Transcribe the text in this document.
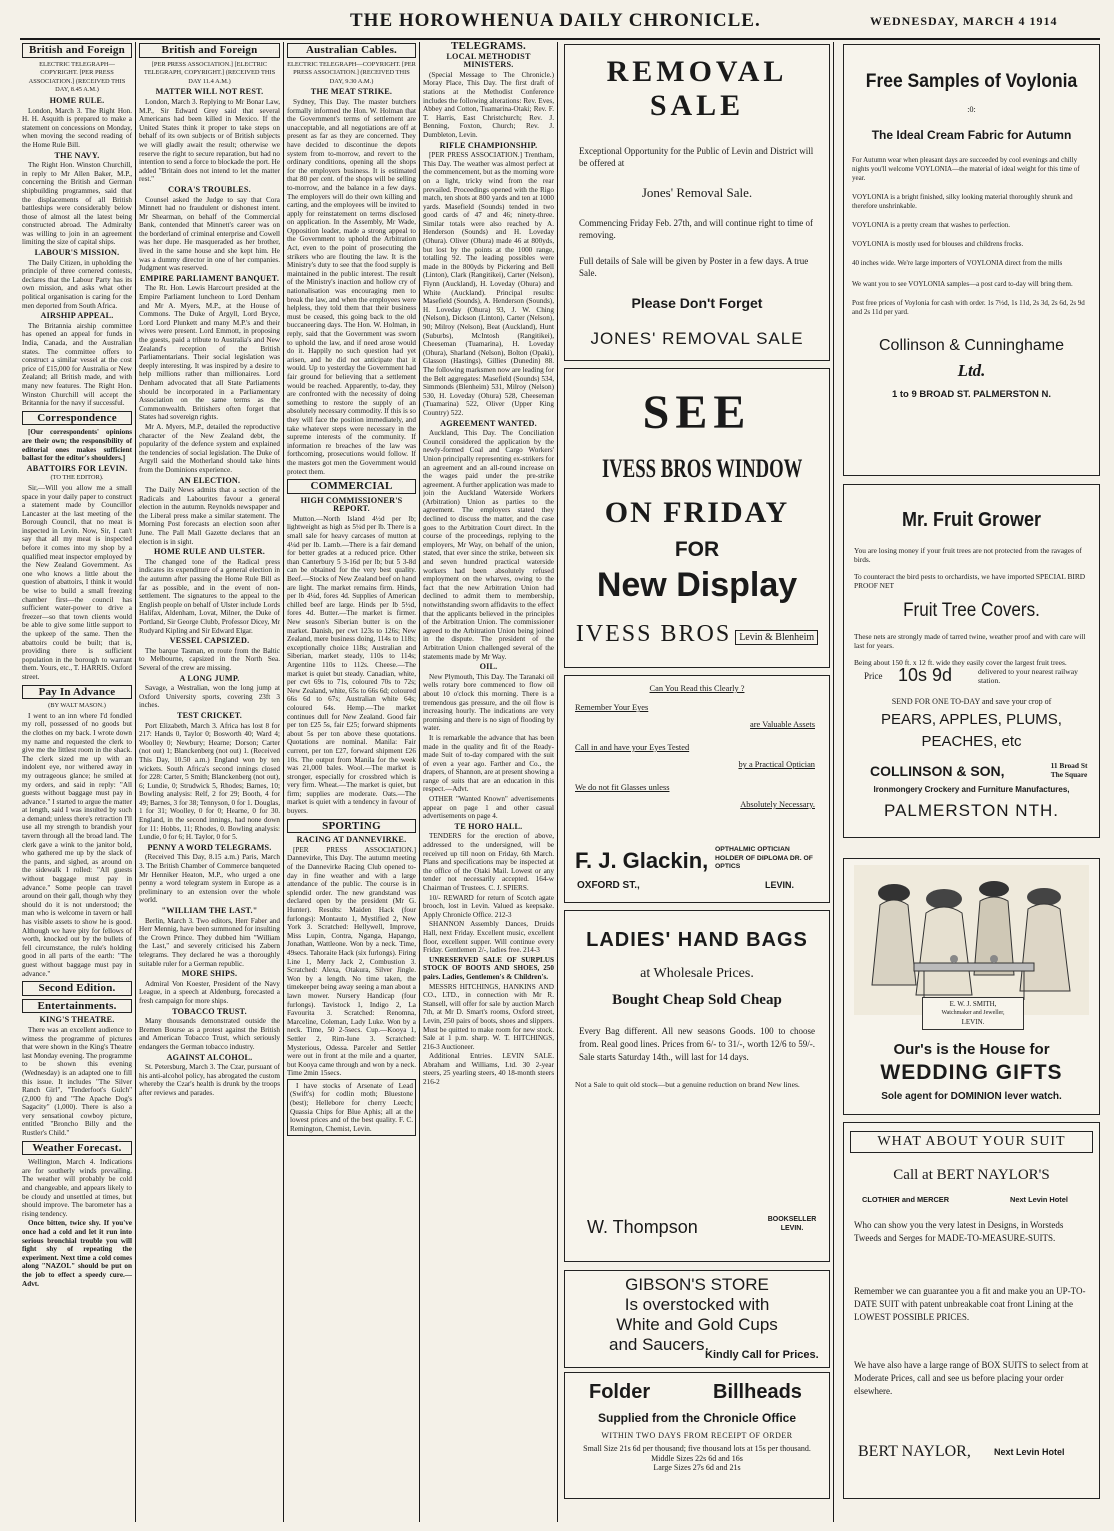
THE HOROWHENUA DAILY CHRONICLE.	WEDNESDAY, MARCH 4 1914
British and Foreign
ELECTRIC TELEGRAPH—COPYRIGHT. [PER PRESS ASSOCIATION.] (RECEIVED THIS DAY, 8.45 A.M.)
HOME RULE.

London, March 3. The Right Hon. H. H. Asquith is prepared to make a statement on concessions on Monday, when moving the second reading of the Home Rule Bill.

THE NAVY.

The Right Hon. Winston Churchill, in reply to Mr Allen Baker, M.P., concerning the British and German shipbuilding programmes, said that the displacements of all British battleships were considerably below those of almost all the latest being constructed abroad. The Admiralty was willing to join in an agreement limiting the size of capital ships.

LABOUR'S MISSION.

The Daily Citizen, in upholding the principle of three cornered contests, declares that the Labour Party has its own mission, and asks what other political organisation is caring for the men deported from South Africa.

AIRSHIP APPEAL.

The Britannia airship committee has opened an appeal for funds in India, Canada, and the Australian states. The committee offers to construct a similar vessel at the cost price of £15,000 for Australia or New Zealand; all British made, and with many new features. The Right Hon. Winston Churchill will accept the Britannia for the navy if successful.

Correspondence

[Our correspondents' opinions are their own; the responsibility of editorial ones makes sufficient ballast for the editor's shoulders.]

ABATTOIRS FOR LEVIN.
(TO THE EDITOR).

Sir,—Will you allow me a small space in your daily paper to construct a statement made by Councillor Lancaster at the last meeting of the Borough Council, that no meat is inspected in Levin. Now, Sir, I can't say that all my meat is inspected before it comes into my shop by a qualified meat inspector employed by the New Zealand Government. As one who knows a little about the question of abattoirs, I think it would be wise to build a small freezing chamber first—the council has sufficient water-power to drive a freezer—so that town clients would be able to give some little support to the upkeep of the same. Then the abattoirs could be built; that is, providing there is sufficient population in the borough to warrant them. Yours, etc., T. HARRIS. Oxford street.

Pay In Advance
(BY WALT MASON.)

I went to an inn where I'd fondled my roll, possessed of no goods but the clothes on my back. I wrote down my name and requested the clerk to give me the littlest room in the shack. The clerk sized me up with an indolent eye, nor withered away in my outrageous glance; he smiled at my orders, and said in reply: "All guests without baggage must pay in advance." I started to argue the matter at length, said I was insulted by such a demand; unless there's retraction I'll use all my strength to brandish your tavern through all the broad land. The clerk gave a wink to the janitor bold, who gathered me up by the slack of the pants, and sighed, as around on the sidewalk I rolled: "All guests without baggage must pay in advance." Some people can travel around on their gall, though why they should do it is not understood; the man who is welcome in tavern or hall has visible assets to show he is good. Although we have pity for fellows of worth, knocked out by the bullets of fell circumstance, the rule's holding good in all parts of the earth: "The guest without baggage must pay in advance."

Second Edition.
Entertainments.
KING'S THEATRE.

There was an excellent audience to witness the programme of pictures that were shown in the King's Theatre last Monday evening. The programme to be shown this evening (Wednesday) is an adapted one to fill this issue. It includes "The Silver Ranch Girl", "Tenderfoot's Gulch" (2,000 ft) and "The Apache Dog's Sagacity" (1,000). There is also a very sensational cowboy picture, entitled "Broncho Billy and the Rustler's Child."

Weather Forecast.

Wellington, March 4. Indications are for southerly winds prevailing. The weather will probably be cold and changeable, and appears likely to be cloudy and unsettled at times, but should improve. The barometer has a rising tendency.

Once bitten, twice shy. If you've once had a cold and let it run into serious bronchial trouble you will fight shy of repeating the experiment. Next time a cold comes along "NAZOL" should be put on the job to effect a speedy cure.—Advt.

British and Foreign
[PER PRESS ASSOCIATION.] [ELECTRIC TELEGRAPH, COPYRIGHT.] (RECEIVED THIS DAY 11.4 A.M.)
MATTER WILL NOT REST.

London, March 3. Replying to Mr Bonar Law, M.P., Sir Edward Grey said that several Americans had been killed in Mexico. If the United States think it proper to take steps on behalf of its own subjects or of British subjects we will gladly await the result; otherwise we reserve the right to secure reparation, but had no intention to send a force to blockade the port. He added "Britain does not intend to let the matter rest."

CORA'S TROUBLES.

Counsel asked the Judge to say that Cora Minnett had no fraudulent or dishonest intent. Mr Shearman, on behalf of the Commercial Bank, contended that Minnett's career was on the borderland of criminal enterprise and Cowell was her dupe. He masqueraded as her brother, lived in the same house and she kept him. He was a dummy director in one of her companies. Judgment was reserved.

EMPIRE PARLIAMENT BANQUET.

The Rt. Hon. Lewis Harcourt presided at the Empire Parliament luncheon to Lord Denham and Mr A. Myers, M.P., at the House of Commons. The Duke of Argyll, Lord Bryce, Lord Lord Plunkett and many M.P.'s and their wives were present. Lord Emmott, in proposing the guests, paid a tribute to Australia's and New Zealand's reception of the British Parliamentarians. Their social legislation was deeply interesting. It was inspired by a desire to help millions rather than millionaires. Lord Denham advocated that all State Parliaments should be incorporated in a Parliamentary Association on the same terms as the Commonwealth. Britishers often forget that States had sovereign rights.

Mr A. Myers, M.P., detailed the reproductive character of the New Zealand debt, the popularity of the defence system and explained the tendencies of social legislation. The Duke of Argyll said the Motherland should take hints from the Dominions experience.

AN ELECTION.

The Daily News admits that a section of the Radicals and Labourites favour a general election in the autumn. Reynolds newspaper and the Liberal press make a similar statement. The Morning Post forecasts an election soon after June. The Pall Mall Gazette declares that an election is in sight.

HOME RULE AND ULSTER.

The changed tone of the Radical press indicates its expenditure of a general election in the autumn after passing the Home Rule Bill as far as possible, and in the event of non-settlement. The signatures to the appeal to the English people on behalf of Ulster include Lords Halifax, Aldenham, Lovat, Milner, the Duke of Portland, Sir George Clubb, Professor Dicey, Mr Rudyard Kipling and Sir Edward Elgar.

VESSEL CAPSIZED.

The barque Tasman, en route from the Baltic to Melbourne, capsized in the North Sea. Several of the crew are missing.

A LONG JUMP.

Savage, a Westralian, won the long jump at Oxford University sports, covering 23ft 3 inches.

TEST CRICKET.

Port Elizabeth, March 3. Africa has lost 8 for 217: Hands 0, Taylor 0; Bosworth 40; Ward 4; Woolley 0; Newbury; Hearne; Dorson; Carter (not out) 1; Blanckenberg (not out) 1. (Received This Day, 10.50 a.m.) England won by ten wickets. South Africa's second innings closed for 228: Carter, 5 Smith; Blanckenberg (not out), 6; Lundie, 0; Strudwick 5, Rhodes; Barnes, 10; Bowling analysis: Relf, 2 for 29; Booth, 4 for 49; Barnes, 3 for 38; Tennyson, 0 for 1. Douglas, 1 for 31; Woolley, 0 for 0; Hearne, 0 for 30. England, in the second innings, had none down for 11: Hobbs, 11; Rhodes, 0. Bowling analysis: Lundie, 0 for 6; H. Taylor, 0 for 5.

PENNY A WORD TELEGRAMS.

(Received This Day, 8.15 a.m.) Paris, March 3. The British Chamber of Commerce banqueted Mr Henniker Heaton, M.P., who urged a one penny a word telegram system in Europe as a preliminary to an extension over the whole world.

"WILLIAM THE LAST."

Berlin, March 3. Two editors, Herr Faber and Herr Mennig, have been summoned for insulting the Crown Prince. They dubbed him "William the Last," and severely criticised his Zabern telegrams. They declared he was a thoroughly suitable ruler for a German republic.

MORE SHIPS.

Admiral Von Koester, President of the Navy League, in a speech at Aldenburg, forecasted a fresh campaign for more ships.

TOBACCO TRUST.

Many thousands demonstrated outside the Bremen Bourse as a protest against the British and American Tobacco Trust, which seriously endangers the German tobacco industry.

AGAINST ALCOHOL.

St. Petersburg, March 3. The Czar, pursuant of his anti-alcohol policy, has abrogated the custom whereby the Czar's health is drunk by the troops after reviews and parades.

Australian Cables.
ELECTRIC TELEGRAPH—COPYRIGHT. [PER PRESS ASSOCIATION.] (RECEIVED THIS DAY, 9.30 A.M.)
THE MEAT STRIKE.

Sydney, This Day. The master butchers formally informed the Hon. W. Holman that the Government's terms of settlement are unacceptable, and all negotiations are off at present as far as they are concerned. They have decided to discontinue the depots system from to-morrow, and revert to the ordinary conditions, opening all the shops for the employers business. It is estimated that 80 per cent. of the shops will be selling to-morrow, and the balance in a few days. The employers will do their own killing and carting, and the employees will be invited to apply for reinstatement on terms disclosed on application. In the Assembly, Mr Wade, Opposition leader, made a strong appeal to the Government to uphold the Arbitration Act, even to the point of prosecuting the strikers who are flouting the law. It is the Ministry's duty to see that the food supply is maintained in the public interest. The result of the Ministry's inaction and hollow cry of nationalisation was encouraging men to break the law, and when the employees were helpless, they told them that their business must be ceased, this going back to the old buccaneering days. The Hon. W. Holman, in reply, said that the Government was sworn to uphold the law, and if need arose would do it. Happily no such question had yet arisen, and he did not anticipate that it would. Up to yesterday the Government had fair ground for believing that a settlement would be reached. Apparently, to-day, they are confronted with the necessity of doing something to restore the supply of an absolutely necessary commodity. If this is so they will face the position immediately, and take whatever steps were necessary in the supreme interests of the community. If information re breaches of the law was forthcoming, prosecutions would follow. If the masters got men the Government would protect them.

COMMERCIAL
HIGH COMMISSIONER'S REPORT.

Mutton.—North Island 4½d per lb; lightweight as high as 5¼d per lb. There is a small sale for heavy carcases of mutton at 4¼d per lb. Lamb.—There is a fair demand for better grades at a reduced price. Other than Canterbury 5 3-16d per lb; but 5 3-8d can be obtained for the very best quality. Beef.—Stocks of New Zealand beef on hand are light. The market remains firm. Hinds, per lb 4¼d, fores 4d. Supplies of American chilled beef are large. Hinds per lb 5½d, fores 4d. Butter.—The market is firmer. New season's Siberian butter is on the market. Danish, per cwt 123s to 126s; New Zealand, mere business doing, 114s to 118s; exceptionally choice 118s; Australian and Siberian, market steady, 110s to 114s; Argentine 110s to 112s. Cheese.—The market is quiet but steady. Canadian, white, per cwt 69s to 71s, coloured 70s to 72s; New Zealand, white, 65s to 66s 6d; coloured 66s 6d to 67s; Australian white 64s; coloured 64s. Hemp.—The market continues dull for New Zealand. Good fair per ton £25 5s, fair £25; forward shipments about 5s per ton above these quotations. Quotations are nominal. Manila: Fair current, per ton £27, forward shipment £26 10s. The output from Manila for the week was 21,000 bales. Wool.—The market is stronger, especially for crossbred which is very firm. Wheat.—The market is quiet, but firm; supplies are moderate. Oats.—The market is quiet with a tendency in favour of buyers.

SPORTING
RACING AT DANNEVIRKE.

[PER PRESS ASSOCIATION.] Dannevirke, This Day. The autumn meeting of the Dannevirke Racing Club opened to-day in fine weather and with a large attendance of the public. The course is in splendid order. The new grandstand was declared open by the president (Mr G. Hunter). Results: Maiden Hack (four furlongs): Montauto 1, Mystified 2, New York 3. Scratched: Hellywell, Improve, Miss Lupin, Contra, Nganga, Hapango, Jonathan, Wattleone. Won by a neck. Time, 49secs. Tahoraite Hack (six furlongs). Firing Line 1, Merry Jack 2, Combustion 3. Scratched: Alexa, Otakura, Silver Jingle. Won by a length. No time taken, the timekeeper being away seeing a man about a lawn mower. Nursery Handicap (four furlongs). Tavistock 1, Indigo 2, La Favourita 3. Scratched: Renomna, Marceline, Coleman, Lady Luke. Won by a neck. Time, 50 2-5secs. Cup.—Kooya 1, Settler 2, Rim-Iune 3. Scratched: Mysterious, Odessa. Parceler and Settler were out in front at the mile and a quarter, but Kooya came through and won by a neck. Time 2min 15secs.

I have stocks of Arsenate of Lead (Swift's) for codlin moth; Bluestone (best); Hellebore for cherry Leech; Quassia Chips for Blue Aphis; all at the lowest prices and of the best quality. F. C. Remington, Chemist, Levin.

TELEGRAMS.
LOCAL METHODIST MINISTERS.

(Special Message to The Chronicle.) Moray Place, This Day. The first draft of stations at the Methodist Conference includes the following alterations: Rev. Eves, Abbey and Cotton, Tuamarina-Otaki; Rev. F. T. Harris, East Christchurch; Rev. J. Benning, Foxton, Church; Rev. J. Dumbleton, Levin.

RIFLE CHAMPIONSHIP.

[PER PRESS ASSOCIATION.] Trentham, This Day. The weather was almost perfect at the commencement, but as the morning wore on a light, tricky wind from the rear prevailed. Proceedings opened with the Rigo match, ten shots at 800 yards and ten at 1000 yards. Masefield (Sounds) tended in two good cards of 47 and 46; ninety-three. Similar totals were also reached by A. Henderson (Sounds) and H. Loveday (Ohura). Oliver (Ohura) made 46 at 800yds, but lost by the points at the 1000 range, totalling 92. The leading possibles were made in the 800yds by Pickering and Bell (Linton), Clark (Rangitikei), Carter (Nelson), Flynn (Auckland), H. Loveday (Ohura) and White (Auckland). Principal results: Masefield (Sounds), A. Henderson (Sounds), H. Loveday (Ohura) 93, J. W. Ching (Nelson), Dickson (Linton), Carter (Nelson), 90; Milroy (Nelson), Beat (Auckland), Hunt (Suburbs), McIntosh (Rangitikei), Cheeseman (Tuamarina), H. Loveday (Ohura), Sharland (Nelson), Bolton (Opaki), Glasson (Hastings), Gillies (Dunedin) 88. The following marksmen now are leading for the Belt aggregates: Masefield (Sounds) 534, Simmonds (Blenheim) 531, Milroy (Nelson) 530, H. Loveday (Ohura) 528, Cheeseman (Tuamarina) 522, Oliver (Upper King Country) 522.

AGREEMENT WANTED.

Auckland, This Day. The Conciliation Council considered the application by the newly-formed Coal and Cargo Workers' Union principally representing ex-strikers for an agreement and an all-round increase on the wages paid under the pre-strike agreement. A further application was made to join the Auckland Waterside Workers (Arbitration) Union as parties to the agreement. The employers stated they declined to discuss the matter, and the case goes to the Arbitration Court direct. In the course of the proceedings, replying to the employers, Mr Way, on behalf of the union, stated, that ever since the strike, between six and seven hundred practical waterside workers had been absolutely refused employment on the wharves, owing to the fact that the new Arbitration Union had declined to admit them to membership, notwithstanding sworn affidavits to the effect that the applicants believed in the principles of the Arbitration Union. The commissioner agreed to the Arbitration Union being joined in the dispute. The president of the Arbitration Union challenged several of the statements made by Mr Way.

OIL.

New Plymouth, This Day. The Taranaki oil wells rotary bore commenced to flow oil about 10 o'clock this morning. There is a tremendous gas pressure, and the oil flow is increasing hourly. The indications are very promising and there is no sign of flooding by water.

It is remarkable the advance that has been made in the quality and fit of the Ready-made Suit of to-day compared with the suit of even a year ago. Farther and Co., the drapers, of Shannon, are at present showing a range of suits that are an education in this respect.—Advt.

OTHER "Wanted Known" advertisements appear on page 1 and other casual advertisements on page 4.

TE HORO HALL.

TENDERS for the erection of above, addressed to the undersigned, will be received up till noon on Friday, 6th March. Plans and specifications may be inspected at the office of the Otaki Mail. Lowest or any tender not necessarily accepted. 164-w Chairman of Trustees. C. J. SPIERS.

10/- REWARD for return of Scotch agate brooch, lost in Levin. Valued as keepsake. Apply Chronicle Office. 212-3

SHANNON Assembly Dances, Druids Hall, next Friday. Excellent music, excellent floor, excellent supper. Will continue every Friday. Gentlemen 2/-, ladies free. 214-3

UNRESERVED SALE OF SURPLUS STOCK OF BOOTS AND SHOES, 250 pairs. Ladies, Gentlemen's & Children's.

MESSRS HITCHINGS, HANKINS AND CO., LTD., in connection with Mr R. Stansell, will offer for sale by auction March 7th, at Mr D. Smart's rooms, Oxford street, Levin, 250 pairs of boots, shoes and slippers. Must be quitted to make room for new stock. Sale at 1 p.m. sharp. W. T. HITCHINGS, 216-3 Auctioneer.

Additional Entries. LEVIN SALE. Abraham and Williams, Ltd. 30 2-year steers, 25 yearling steers, 40 18-month steers 216-2

REMOVAL SALE
Exceptional Opportunity for the Public of Levin and District will be offered at
Jones' Removal Sale.
Commencing Friday Feb. 27th, and will continue right to time of removing.
Full details of Sale will be given by Poster in a few days. A true Sale.
Please Don't Forget
JONES' REMOVAL SALE
SEE
IVESS BROS WINDOW
ON FRIDAY
FOR
New Display
IVESS BROS Levin & Blenheim
Can You Read this Clearly ?
Remember Your Eyes
are Valuable Assets
Call in and have your Eyes Tested
by a Practical Optician
We do not fit Glasses unless
Absolutely Necessary.
F. J. Glackin, OPTHALMIC OPTICIAN HOLDER OF DIPLOMA DR. OF OPTICS
OXFORD ST.,	LEVIN.
LADIES' HAND BAGS
at Wholesale Prices.
Bought Cheap Sold Cheap
Every Bag different. All new seasons Goods. 100 to choose from. Real good lines. Prices from 6/- to 31/-, worth 12/6 to 59/-. Sale starts Saturday 14th., will last for 14 days.
Not a Sale to quit old stock—but a genuine reduction on brand New lines.
W. Thompson	BOOKSELLER LEVIN.
GIBSON'S STORE
Is overstocked with
White and Gold Cups
and Saucers.
Kindly Call for Prices.
Folder	Billheads
Supplied from the Chronicle Office
WITHIN TWO DAYS FROM RECEIPT OF ORDER
Small Size 21s 6d per thousand; five thousand lots at 15s per thousand.
Middle Sizes 22s 6d and 16s
Large Sizes 27s 6d and 21s
Free Samples of Voylonia
:0:
The Ideal Cream Fabric for Autumn
For Autumn wear when pleasant days are succeeded by cool evenings and chilly nights you'll welcome VOYLONIA—the material of ideal weight for this time of year.
VOYLONIA is a bright finished, silky looking material thoroughly shrunk and therefore unshrinkable.
VOYLONIA is a pretty cream that washes to perfection.
VOYLONIA is mostly used for blouses and childrens frocks.
40 inches wide. We're large importers of VOYLONIA direct from the mills
We want you to see VOYLONIA samples—a post card to-day will bring them.
Post free prices of Voylonia for cash with order. 1s 7½d, 1s 11d, 2s 3d, 2s 6d, 2s 9d and 2s 11d per yard.
Collinson & Cunninghame
Ltd.
1 to 9 BROAD ST. PALMERSTON N.
Mr. Fruit Grower
You are losing money if your fruit trees are not protected from the ravages of birds.
To counteract the bird pests to orchardists, we have imported SPECIAL BIRD PROOF NET
Fruit Tree Covers.
These nets are strongly made of tarred twine, weather proof and with care will last for years.
Being about 150 ft. x 12 ft. wide they easily cover the largest fruit trees.
Price 10s 9d	delivered to your nearest railway station.
SEND FOR ONE TO-DAY and save your crop of
PEARS, APPLES, PLUMS,
PEACHES, etc
COLLINSON & SON,	11 Broad St The Square
Ironmongery Crockery and Furniture Manufactures,
PALMERSTON NTH.
E. W. J. SMITH,
Watchmaker and Jeweller,
LEVIN.
Our's is the House for
WEDDING GIFTS
Sole agent for DOMINION lever watch.
WHAT ABOUT YOUR SUIT
Call at BERT NAYLOR'S
CLOTHIER and MERCER	Next Levin Hotel
Who can show you the very latest in Designs, in Worsteds Tweeds and Serges for MADE-TO-MEASURE-SUITS.
Remember we can guarantee you a fit and make you an UP-TO-DATE SUIT with patent unbreakable coat front Lining at the LOWEST POSSIBLE PRICES.
We have also have a large range of BOX SUITS to select from at Moderate Prices, call and see us before placing your order elsewhere.
BERT NAYLOR,	Next Levin Hotel
